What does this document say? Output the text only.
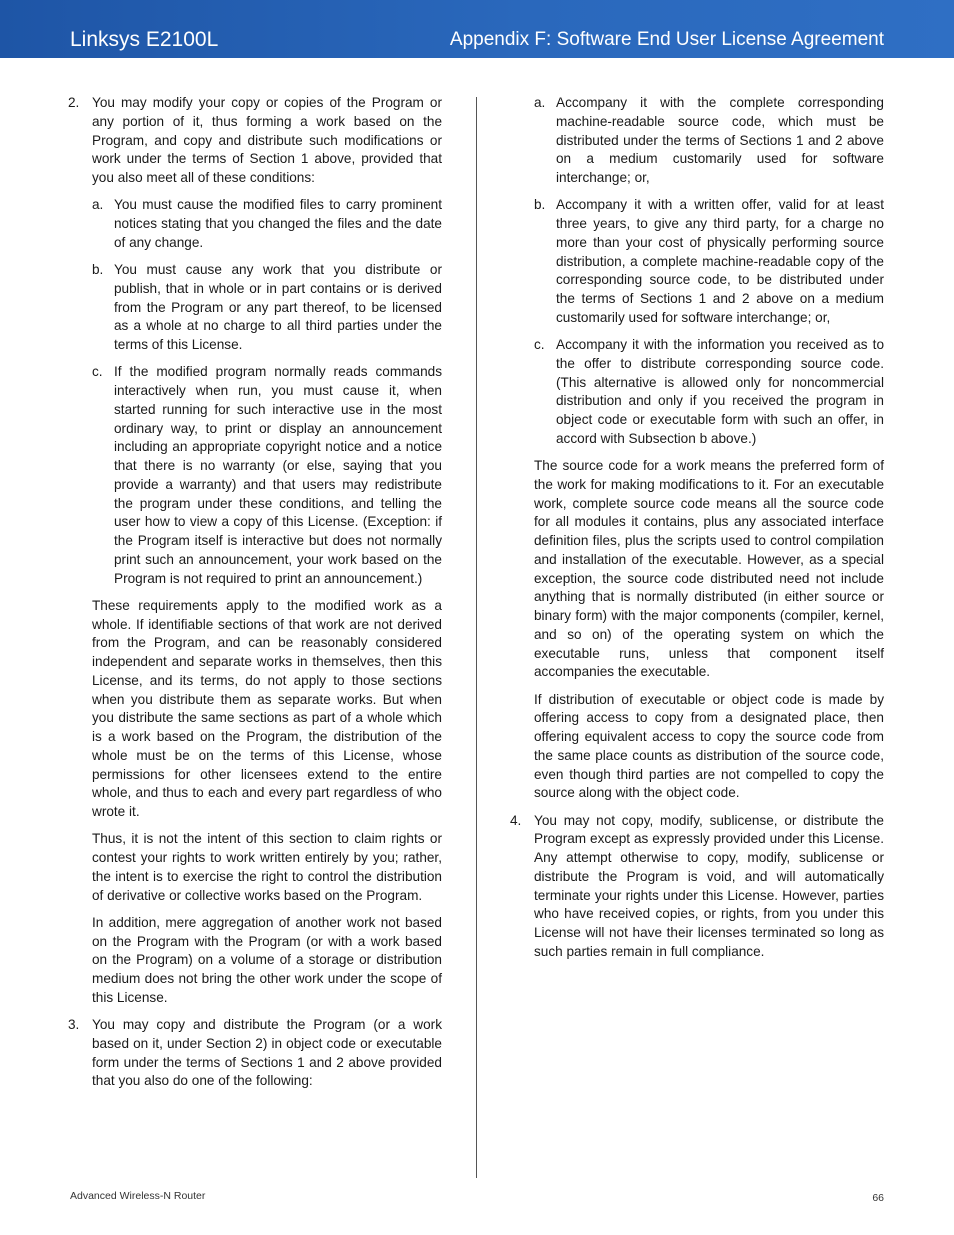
Linksys E2100L	Appendix F: Software End User License Agreement
2. You may modify your copy or copies of the Program or any portion of it, thus forming a work based on the Program, and copy and distribute such modifications or work under the terms of Section 1 above, provided that you also meet all of these conditions:

a. You must cause the modified files to carry prominent notices stating that you changed the files and the date of any change.

b. You must cause any work that you distribute or publish, that in whole or in part contains or is derived from the Program or any part thereof, to be licensed as a whole at no charge to all third parties under the terms of this License.

c. If the modified program normally reads commands interactively when run, you must cause it, when started running for such interactive use in the most ordinary way, to print or display an announcement including an appropriate copyright notice and a notice that there is no warranty (or else, saying that you provide a warranty) and that users may redistribute the program under these conditions, and telling the user how to view a copy of this License. (Exception: if the Program itself is interactive but does not normally print such an announcement, your work based on the Program is not required to print an announcement.)

These requirements apply to the modified work as a whole. If identifiable sections of that work are not derived from the Program, and can be reasonably considered independent and separate works in themselves, then this License, and its terms, do not apply to those sections when you distribute them as separate works. But when you distribute the same sections as part of a whole which is a work based on the Program, the distribution of the whole must be on the terms of this License, whose permissions for other licensees extend to the entire whole, and thus to each and every part regardless of who wrote it.

Thus, it is not the intent of this section to claim rights or contest your rights to work written entirely by you; rather, the intent is to exercise the right to control the distribution of derivative or collective works based on the Program.

In addition, mere aggregation of another work not based on the Program with the Program (or with a work based on the Program) on a volume of a storage or distribution medium does not bring the other work under the scope of this License.

3. You may copy and distribute the Program (or a work based on it, under Section 2) in object code or executable form under the terms of Sections 1 and 2 above provided that you also do one of the following:

a. Accompany it with the complete corresponding machine-readable source code, which must be distributed under the terms of Sections 1 and 2 above on a medium customarily used for software interchange; or,

b. Accompany it with a written offer, valid for at least three years, to give any third party, for a charge no more than your cost of physically performing source distribution, a complete machine-readable copy of the corresponding source code, to be distributed under the terms of Sections 1 and 2 above on a medium customarily used for software interchange; or,

c. Accompany it with the information you received as to the offer to distribute corresponding source code. (This alternative is allowed only for noncommercial distribution and only if you received the program in object code or executable form with such an offer, in accord with Subsection b above.)

The source code for a work means the preferred form of the work for making modifications to it. For an executable work, complete source code means all the source code for all modules it contains, plus any associated interface definition files, plus the scripts used to control compilation and installation of the executable. However, as a special exception, the source code distributed need not include anything that is normally distributed (in either source or binary form) with the major components (compiler, kernel, and so on) of the operating system on which the executable runs, unless that component itself accompanies the executable.

If distribution of executable or object code is made by offering access to copy from a designated place, then offering equivalent access to copy the source code from the same place counts as distribution of the source code, even though third parties are not compelled to copy the source along with the object code.

4. You may not copy, modify, sublicense, or distribute the Program except as expressly provided under this License. Any attempt otherwise to copy, modify, sublicense or distribute the Program is void, and will automatically terminate your rights under this License. However, parties who have received copies, or rights, from you under this License will not have their licenses terminated so long as such parties remain in full compliance.

Advanced Wireless-N Router	66
